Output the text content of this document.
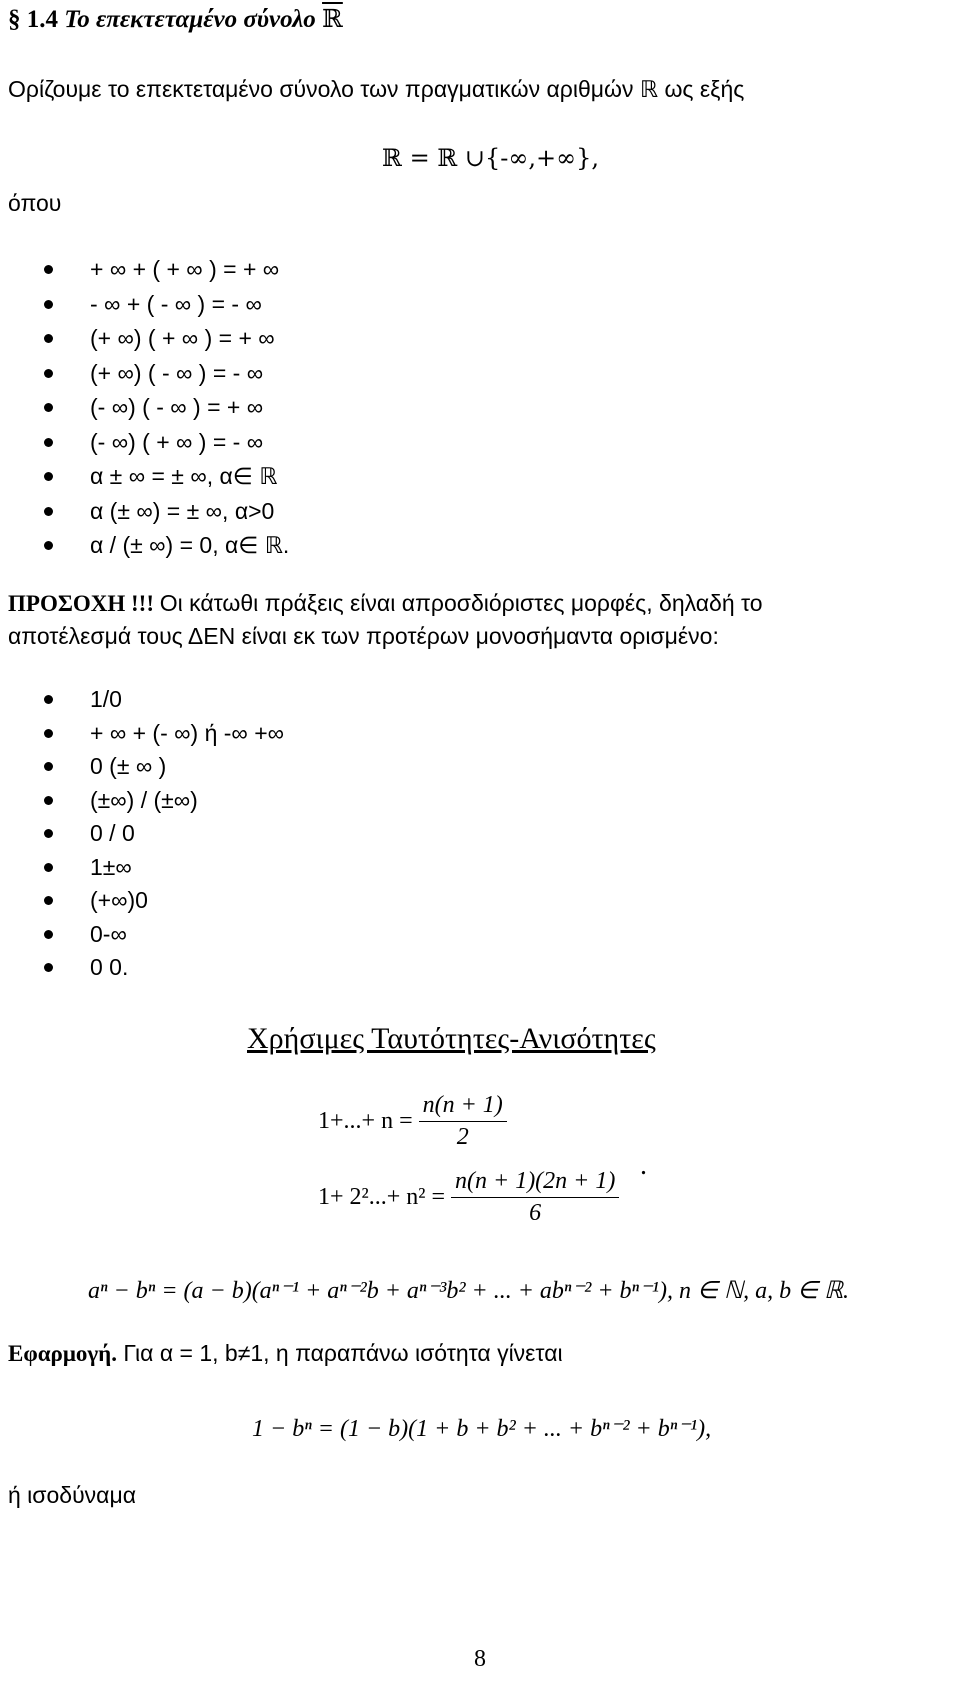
§ 1.4 Το επεκτεταμένο σύνολο ℝ
Ορίζουμε το επεκτεταμένο σύνολο των πραγματικών αριθμών ℝ ως εξής
ℝ = ℝ ∪{-∞,+∞},
όπου
+ ∞ + ( + ∞ ) = + ∞
- ∞ + ( - ∞ ) = - ∞
(+ ∞) ( + ∞ ) = + ∞
(+ ∞) ( - ∞ ) = - ∞
(- ∞) ( - ∞ ) = + ∞
(- ∞) ( + ∞ ) = - ∞
α ± ∞ = ± ∞, α∈ ℝ
α (± ∞) = ± ∞, α>0
α / (± ∞) = 0, α∈ ℝ.
ΠΡΟΣΟΧΗ !!! Οι κάτωθι πράξεις είναι απροσδιόριστες μορφές, δηλαδή το
αποτέλεσμά τους ΔΕΝ είναι εκ των προτέρων μονοσήμαντα ορισμένο:
1/0
+ ∞ + (- ∞) ή -∞ +∞
0 (± ∞ )
(±∞) / (±∞)
0 / 0
1±∞
(+∞)0
0-∞
0 0.
Χρήσιμες Ταυτότητες-Ανισότητες
$1+...+ n = \frac{n(n + 1)}{2}$
$1+ 2^2...+ n^2 = \frac{n(n + 1)(2n + 1)}{6}$
.
aⁿ − bⁿ = (a − b)(aⁿ⁻¹ + aⁿ⁻²b + aⁿ⁻³b² + ... + abⁿ⁻² + bⁿ⁻¹), n ∈ ℕ, a, b ∈ ℝ.
Εφαρμογή. Για α = 1, b≠1, η παραπάνω ισότητα γίνεται
1 − bⁿ = (1 − b)(1 + b + b² + ... + bⁿ⁻² + bⁿ⁻¹),
ή ισοδύναμα
8
